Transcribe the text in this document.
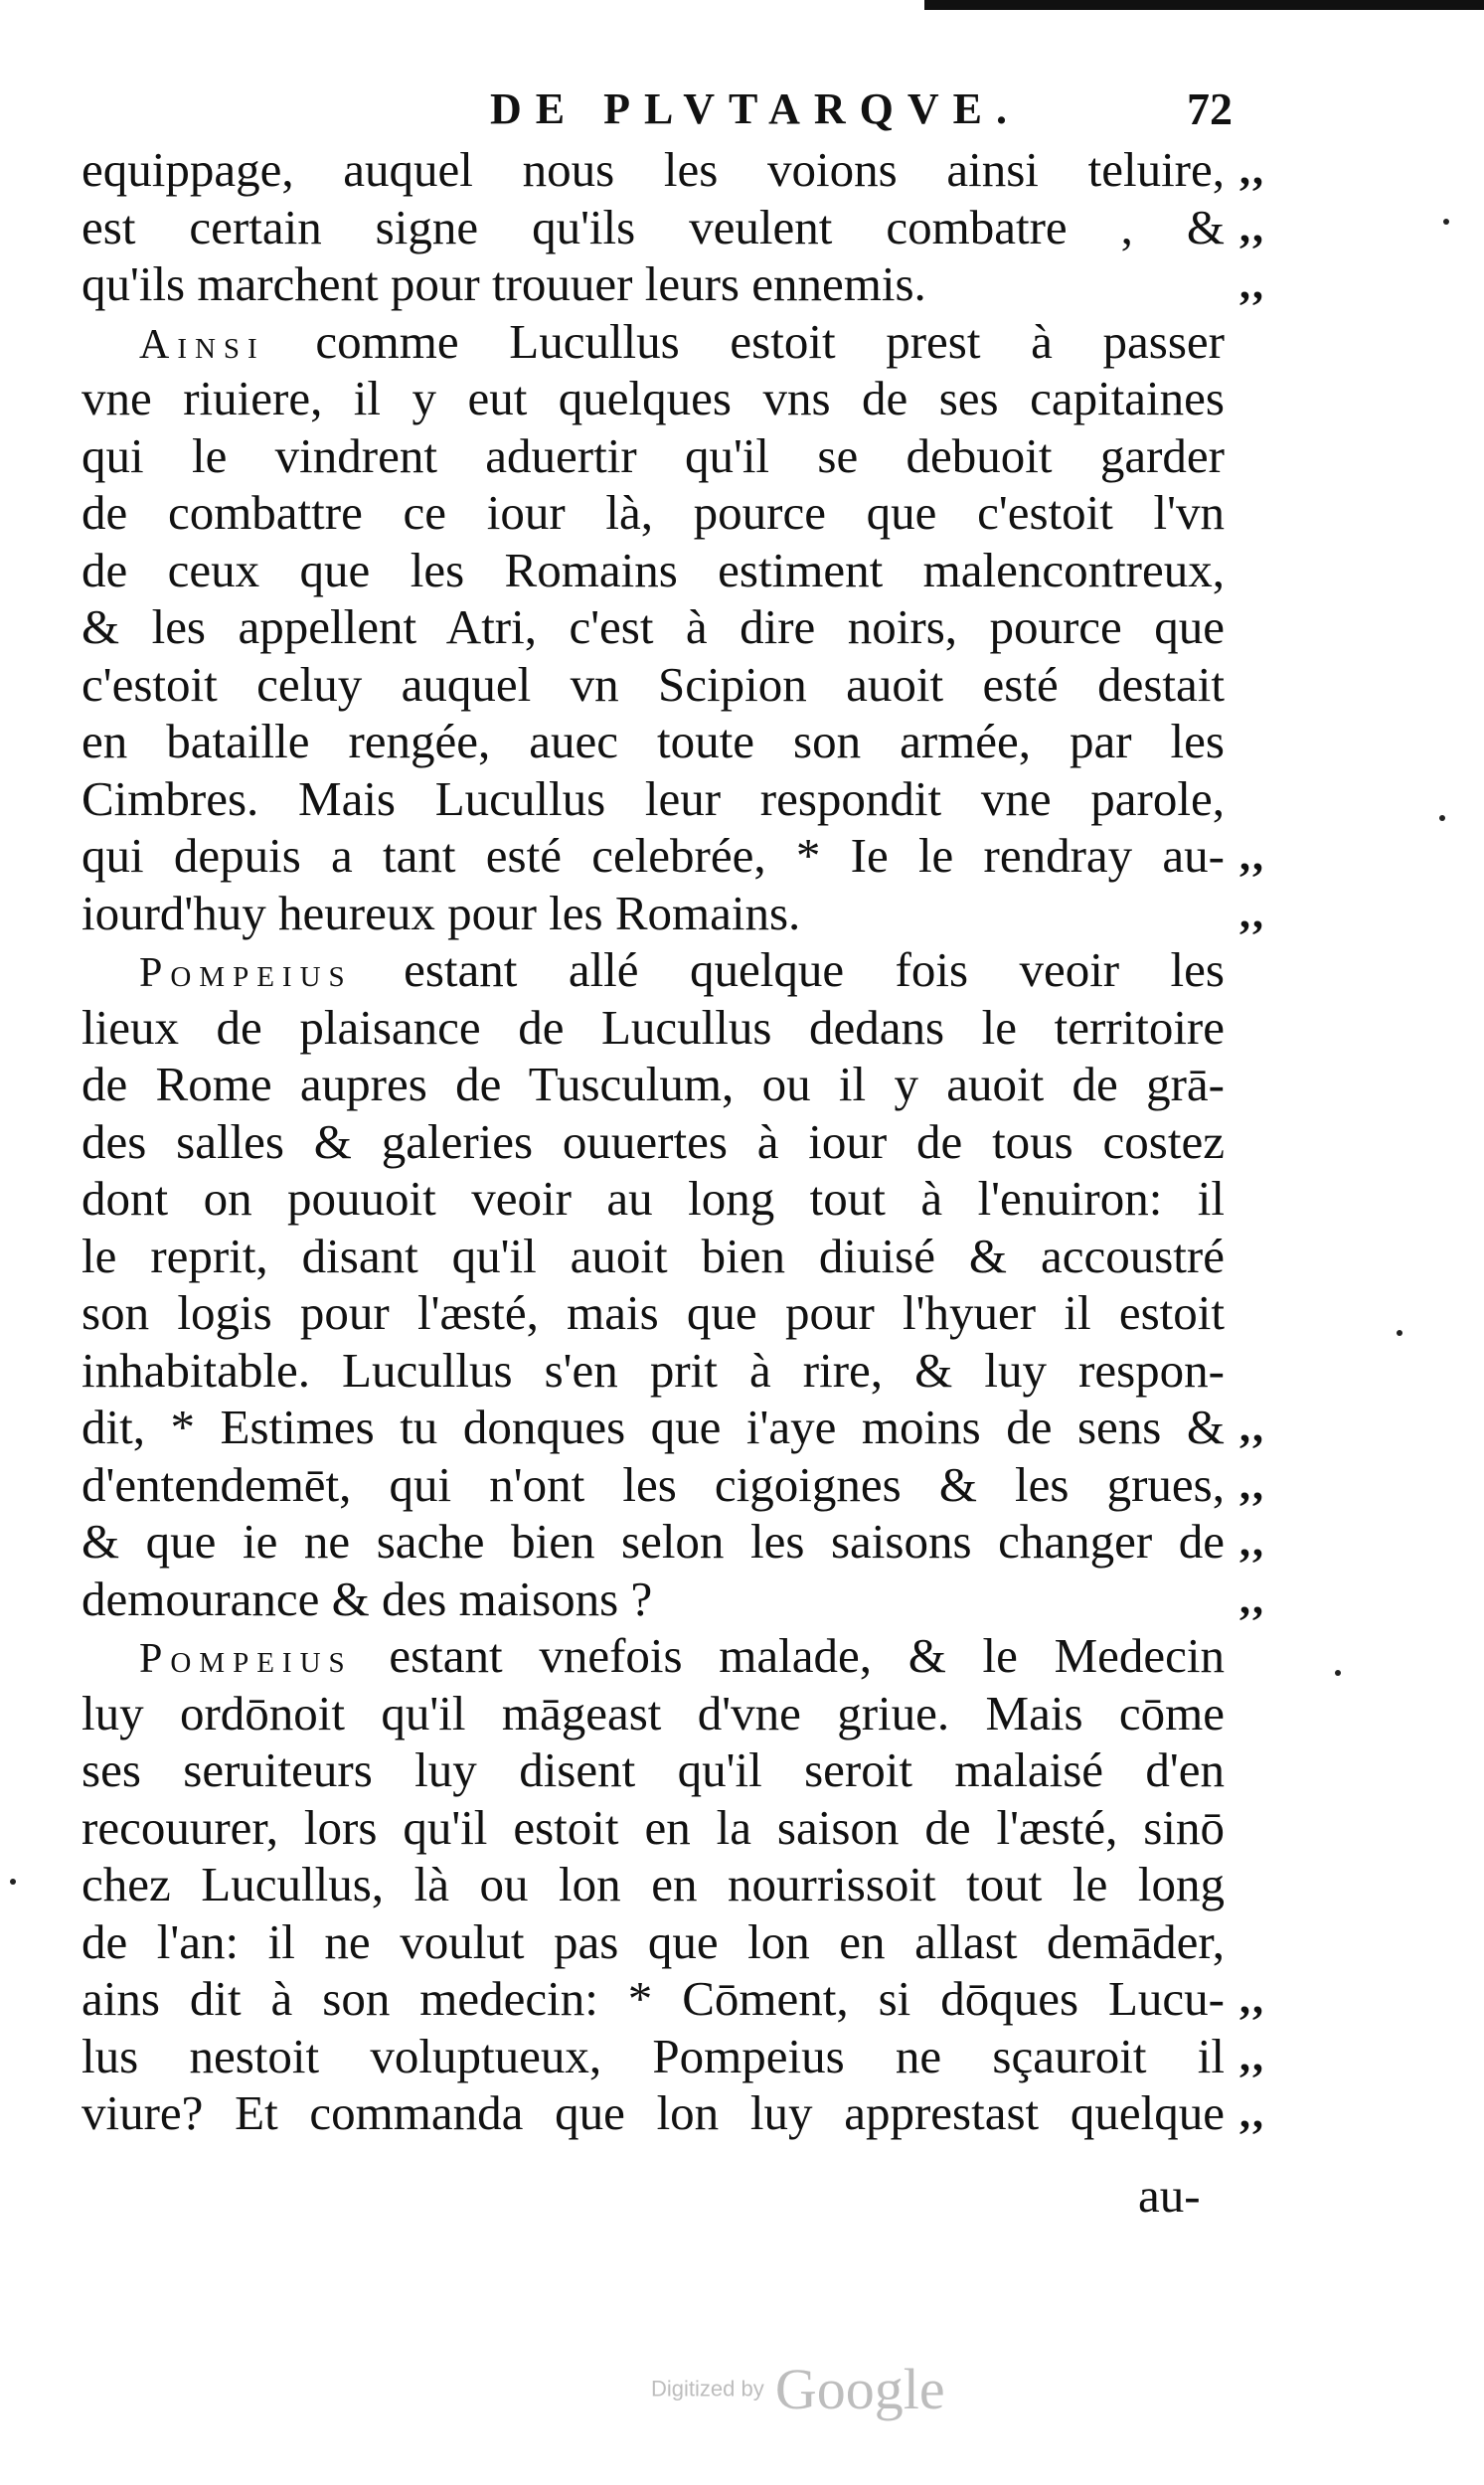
DE PLVTARQVE.	72
equippage, auquel nous les voions ainsi teluire, ,,
est certain signe qu'ils veulent combatre , & ,,
qu'ils marchent pour trouuer leurs ennemis.	,,
Ainsi comme Lucullus estoit prest à passer
vne riuiere, il y eut quelques vns de ses capitaines
qui le vindrent aduertir qu'il se debuoit garder
de combattre ce iour là, pource que c'estoit l'vn
de ceux que les Romains estiment malencontreux,
& les appellent Atri, c'est à dire noirs, pource que
c'estoit celuy auquel vn Scipion auoit esté destait
en bataille rengée, auec toute son armée, par les
Cimbres. Mais Lucullus leur respondit vne parole,
qui depuis a tant esté celebrée, * Ie le rendray au- ,,
iourd'huy heureux pour les Romains.	,,
Pompeius estant allé quelque fois veoir les
lieux de plaisance de Lucullus dedans le territoire
de Rome aupres de Tusculum, ou il y auoit de grā-
des salles & galeries ouuertes à iour de tous costez
dont on pouuoit veoir au long tout à l'enuiron: il
le reprit, disant qu'il auoit bien diuisé & accoustré
son logis pour l'æsté, mais que pour l'hyuer il estoit
inhabitable. Lucullus s'en prit à rire, & luy respon-
dit, * Estimes tu donques que i'aye moins de sens & ,,
d'entendemēt, qui n'ont les cigoignes & les grues, ,,
& que ie ne sache bien selon les saisons changer de ,,
demourance & des maisons ?	,,
Pompeius estant vnefois malade, & le Medecin
luy ordōnoit qu'il māgeast d'vne griue. Mais cōme
ses seruiteurs luy disent qu'il seroit malaisé d'en
recouurer, lors qu'il estoit en la saison de l'æsté, sinō
chez Lucullus, là ou lon en nourrissoit tout le long
de l'an: il ne voulut pas que lon en allast demāder,
ains dit à son medecin: * Cōment, si dōques Lucu- ,,
lus nestoit voluptueux, Pompeius ne sçauroit il ,,
viure? Et commanda que lon luy apprestast quelque ,,
au-
Digitized by Google
